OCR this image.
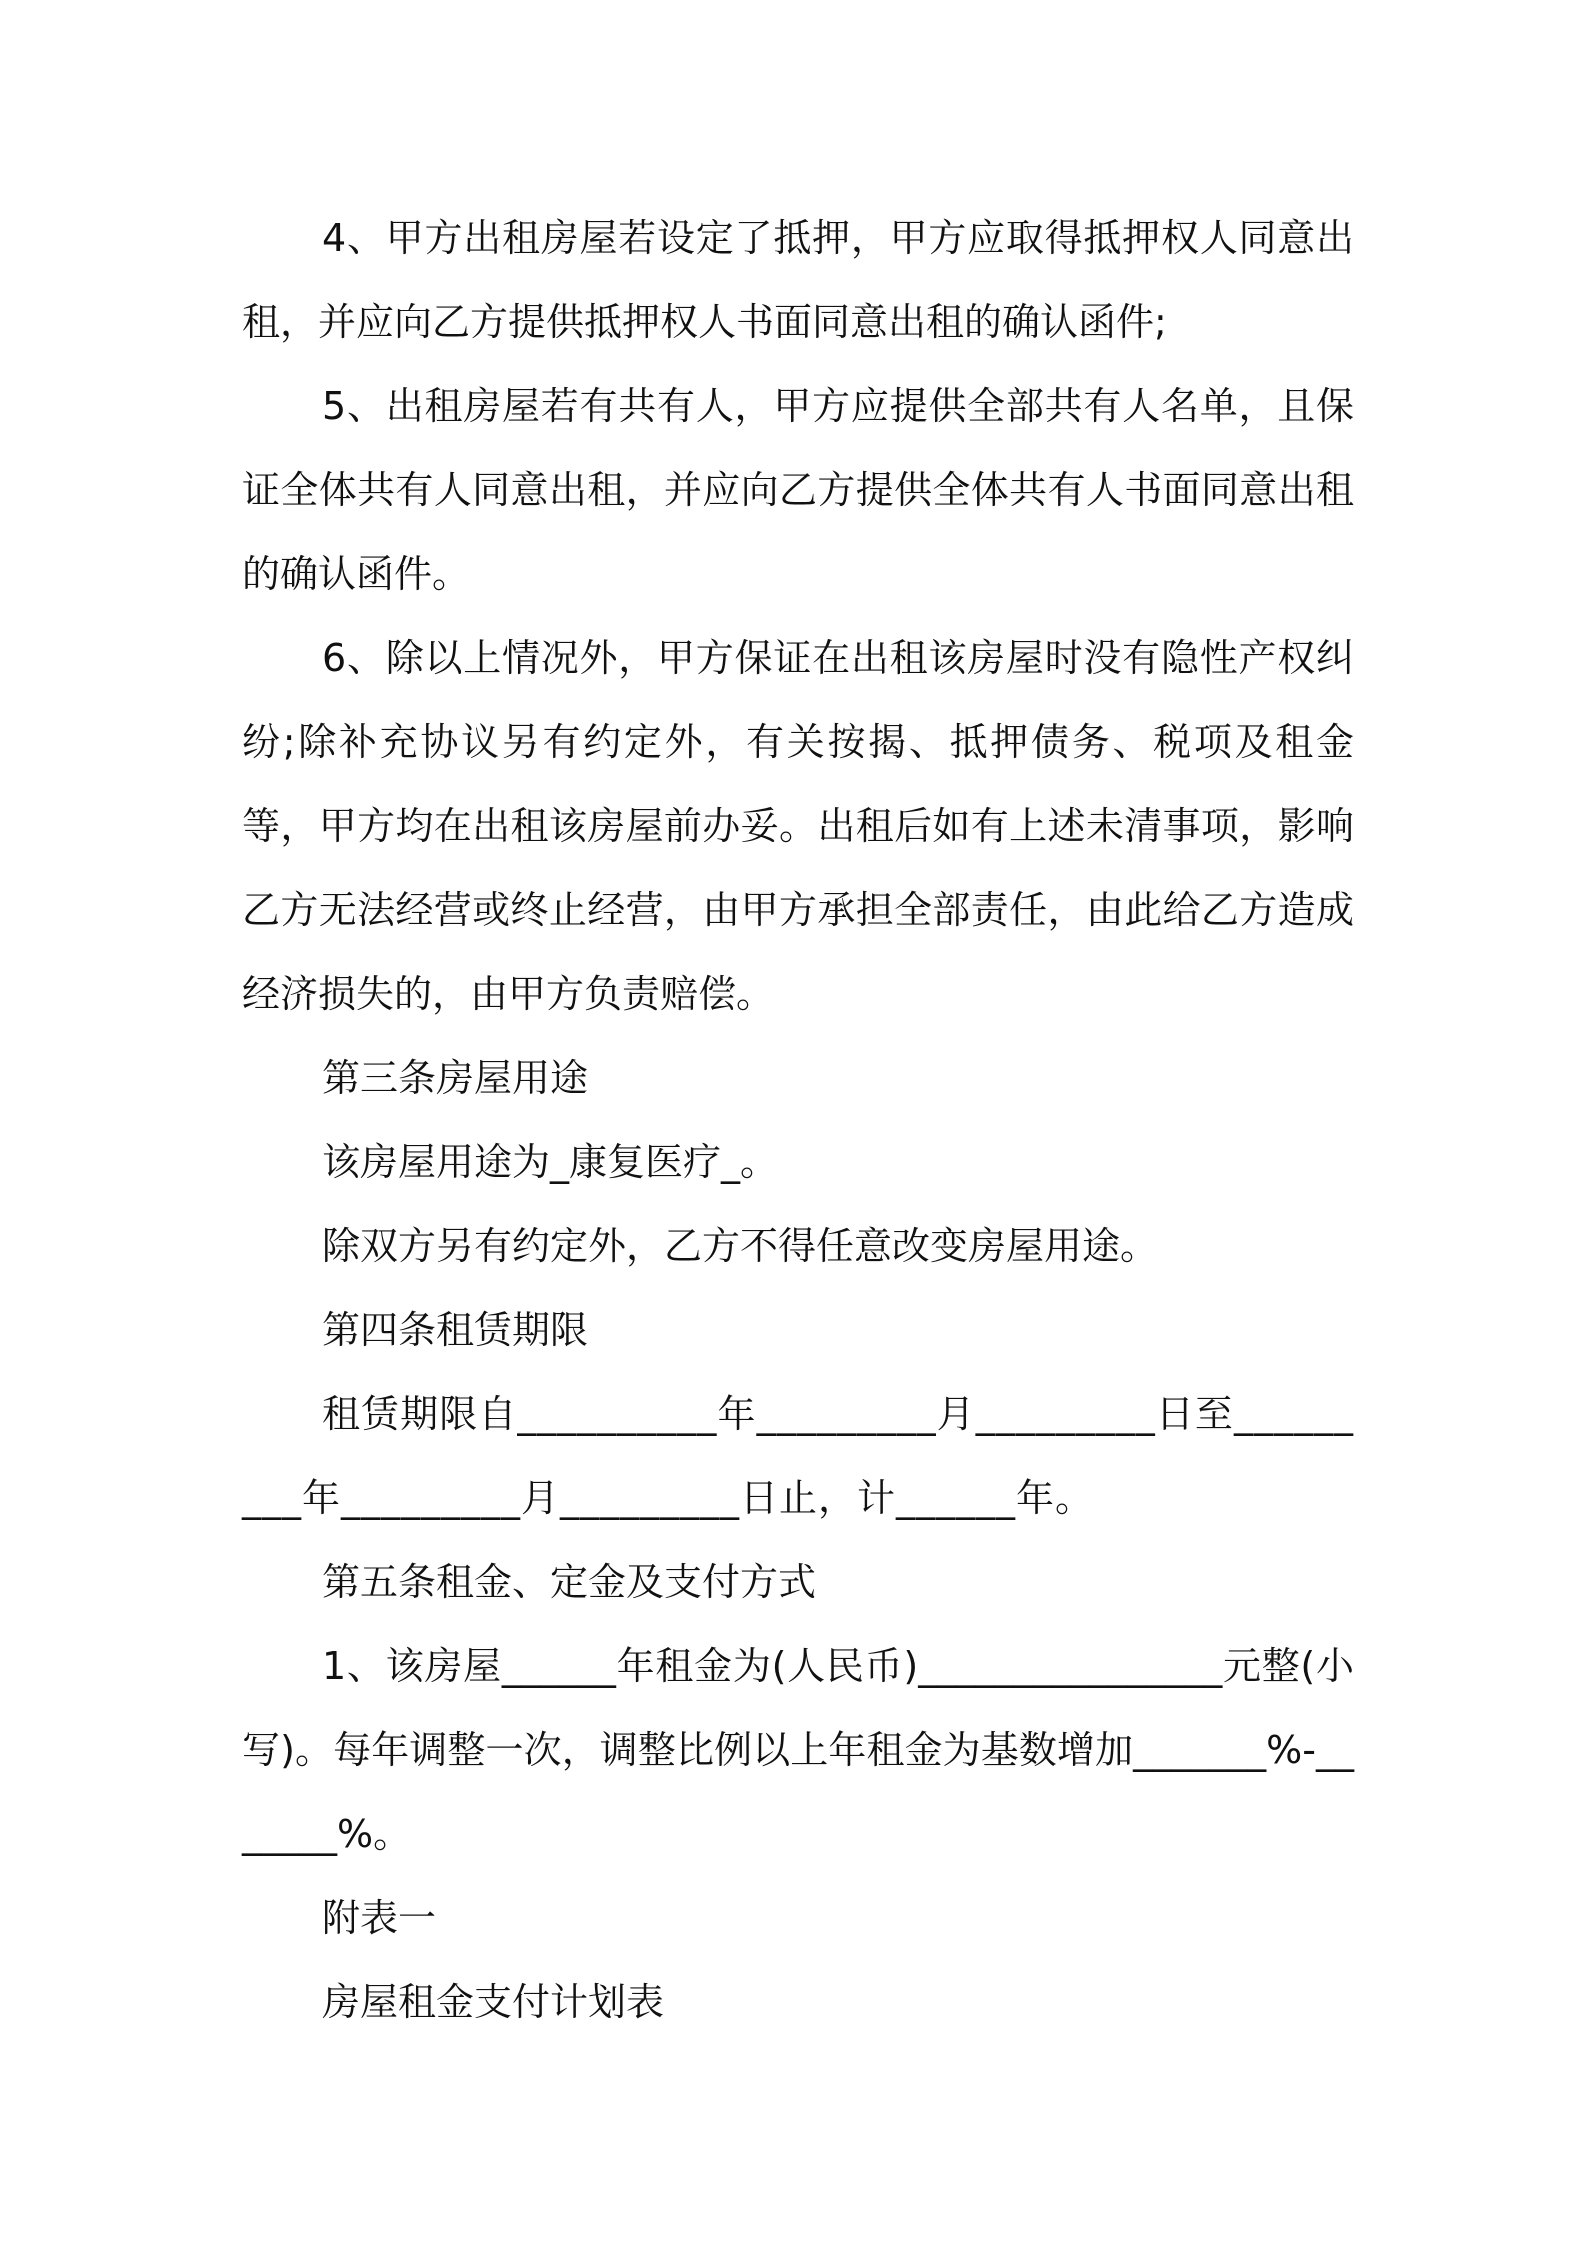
4、甲方出租房屋若设定了抵押，甲方应取得抵押权人同意出租，并应向乙方提供抵押权人书面同意出租的确认函件;

5、出租房屋若有共有人，甲方应提供全部共有人名单，且保证全体共有人同意出租，并应向乙方提供全体共有人书面同意出租的确认函件。

6、除以上情况外，甲方保证在出租该房屋时没有隐性产权纠纷;除补充协议另有约定外，有关按揭、抵押债务、税项及租金等，甲方均在出租该房屋前办妥。出租后如有上述未清事项，影响乙方无法经营或终止经营，由甲方承担全部责任，由此给乙方造成经济损失的，由甲方负责赔偿。

第三条房屋用途

该房屋用途为_康复医疗_。

除双方另有约定外，乙方不得任意改变房屋用途。

第四条租赁期限

租赁期限自__________年_________月_________日至_________年_________月_________日止，计______年。

第五条租金、定金及支付方式

1、该房屋______年租金为(人民币)________________元整(小写)。每年调整一次，调整比例以上年租金为基数增加_______%-_______%。

附表一

房屋租金支付计划表
